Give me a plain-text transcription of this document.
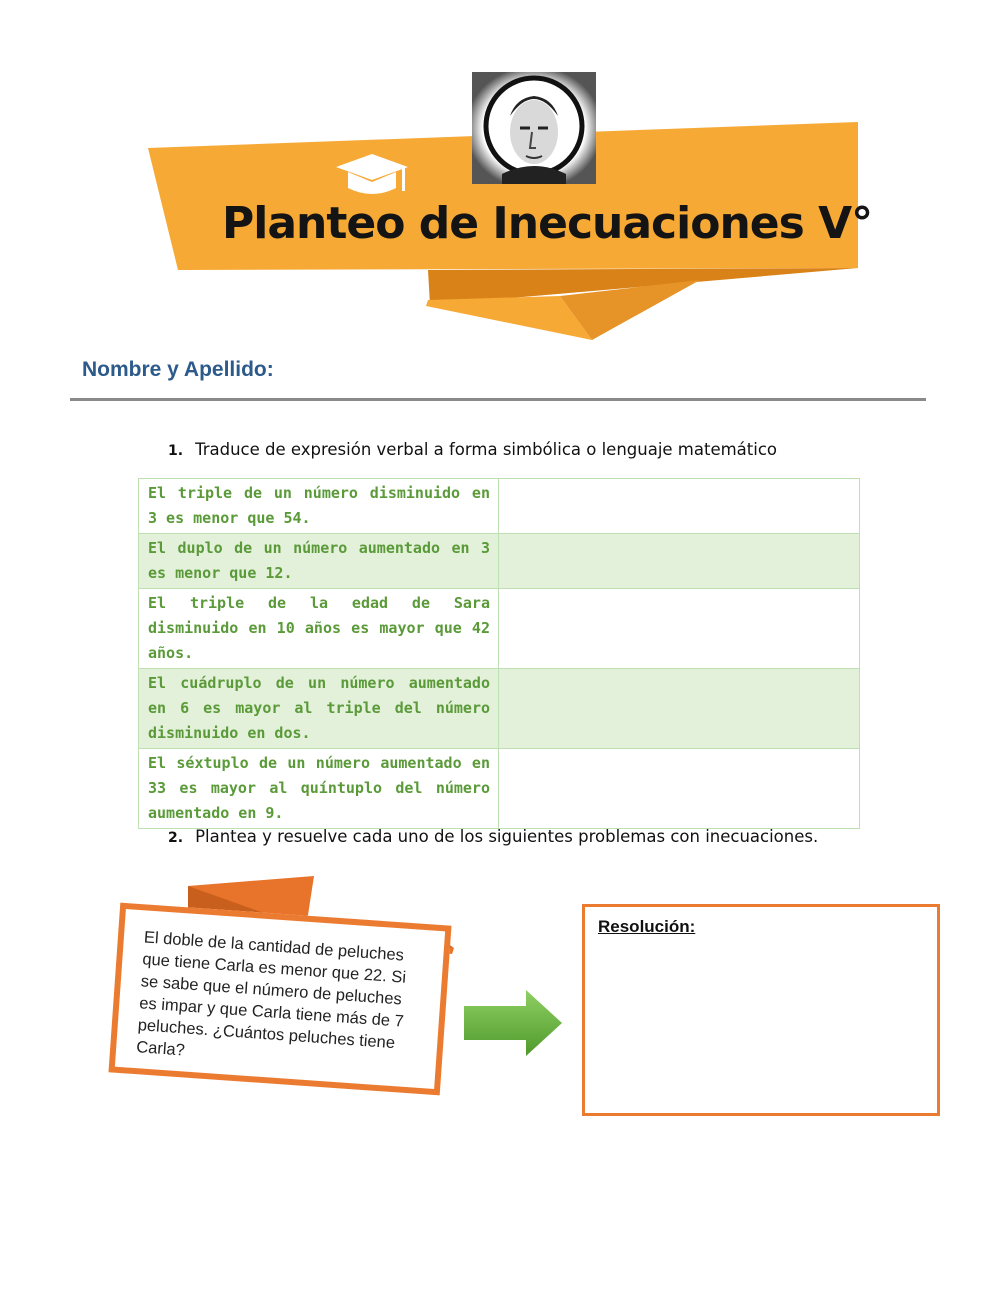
Planteo de Inecuaciones V°
Nombre y Apellido:
1. Traduce de expresión verbal a forma simbólica o lenguaje matemático
El triple de un número disminuido en 3 es menor que 54.	
El duplo de un número aumentado en 3 es menor que 12.	
El triple de la edad de Sara disminuido en 10 años es mayor que 42 años.	
El cuádruplo de un número aumentado en 6 es mayor al triple del número disminuido en dos.	
El séxtuplo de un número aumentado en 33 es mayor al quíntuplo del número aumentado en 9.	
2. Plantea y resuelve cada uno de los siguientes problemas con inecuaciones.
El doble de la cantidad de peluches que tiene Carla es menor que 22. Si se sabe que el número de peluches es impar y que Carla tiene más de 7 peluches. ¿Cuántos peluches tiene Carla?
Resolución:
